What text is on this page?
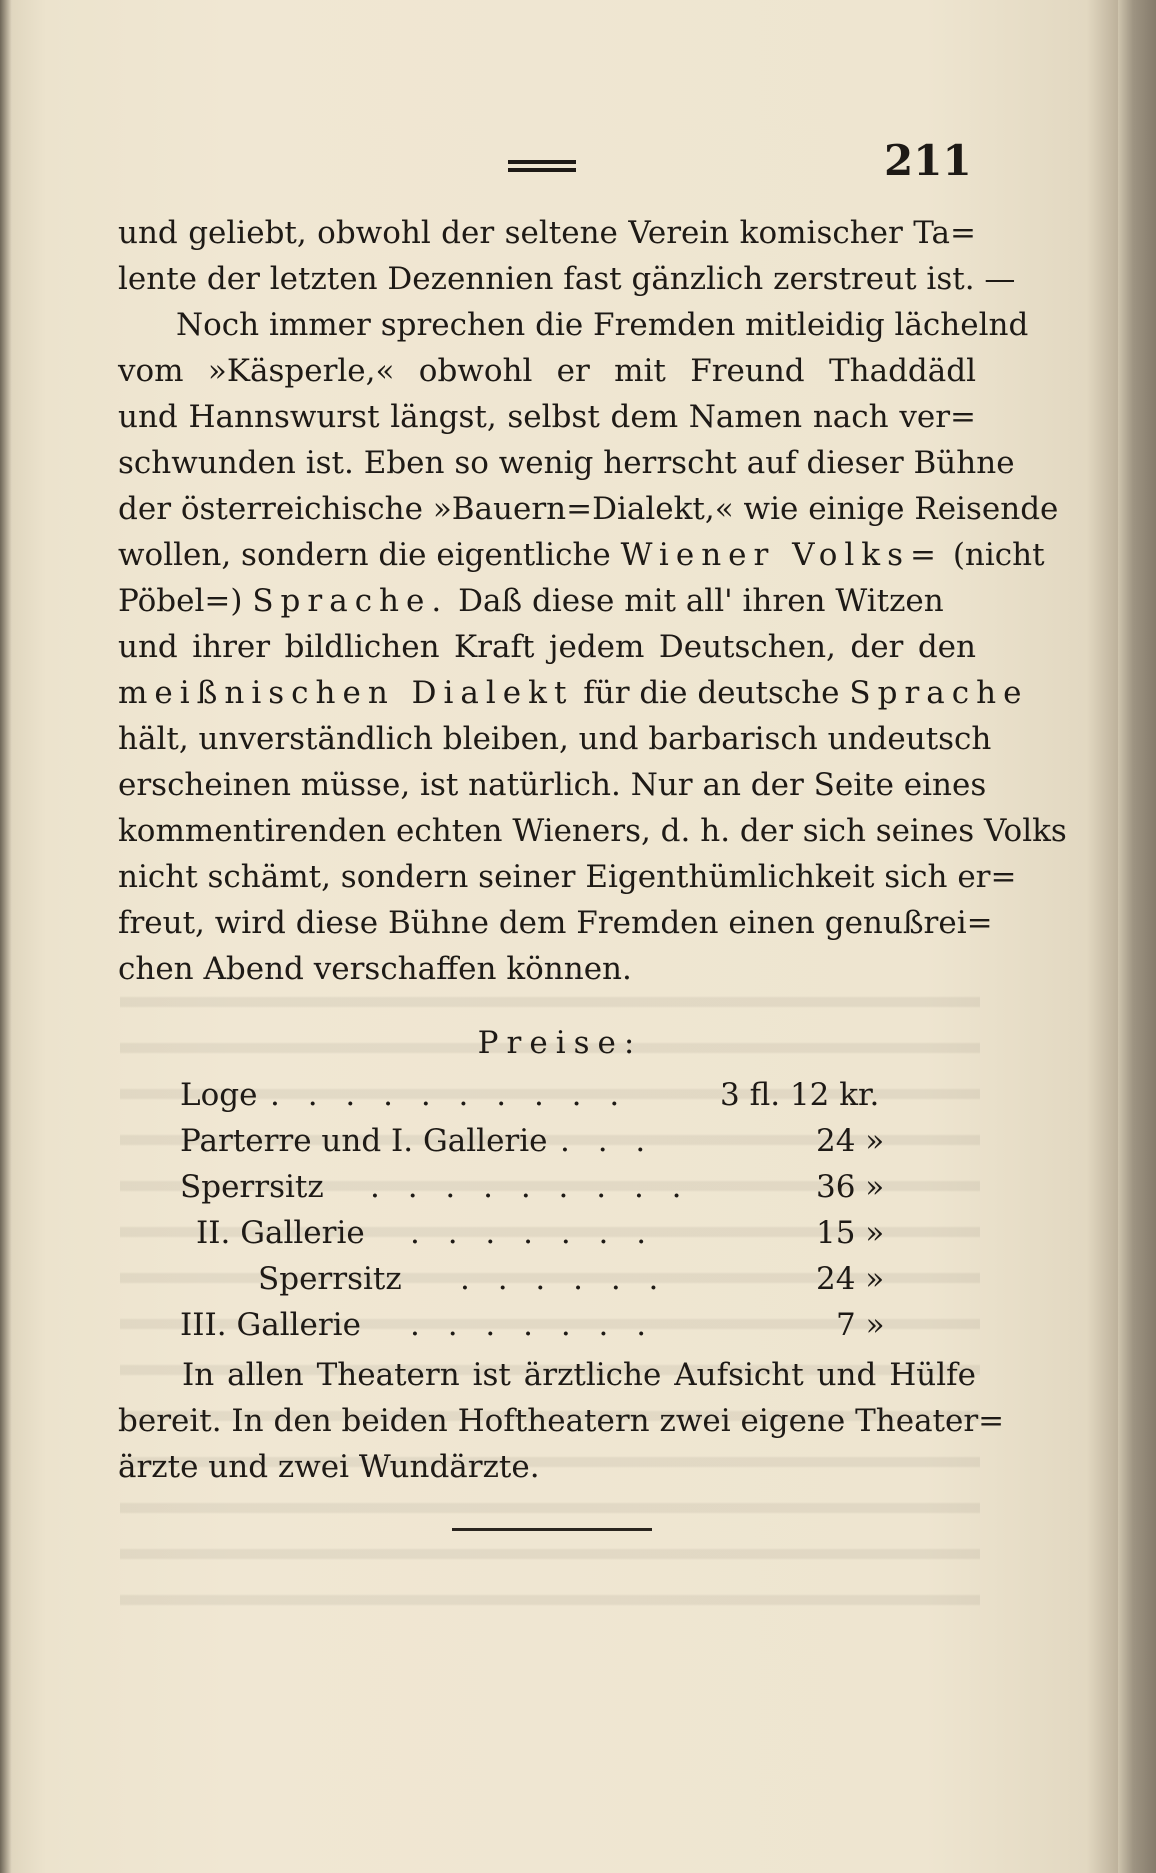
211
und geliebt, obwohl der seltene Verein komischer Ta=
lente der letzten Dezennien fast gänzlich zerstreut ist. —
Noch immer sprechen die Fremden mitleidig lächelnd
vom »Käsperle,« obwohl er mit Freund Thaddädl
und Hannswurst längst, selbst dem Namen nach ver=
schwunden ist. Eben so wenig herrscht auf dieser Bühne
der österreichische »Bauern=Dialekt,« wie einige Reisende
wollen, sondern die eigentliche Wiener Volks= (nicht
Pöbel=) Sprache. Daß diese mit all' ihren Witzen
und ihrer bildlichen Kraft jedem Deutschen, der den
meißnischen Dialekt für die deutsche Sprache
hält, unverständlich bleiben, und barbarisch undeutsch
erscheinen müsse, ist natürlich. Nur an der Seite eines
kommentirenden echten Wieners, d. h. der sich seines Volks
nicht schämt, sondern seiner Eigenthümlichkeit sich er=
freut, wird diese Bühne dem Fremden einen genußrei=
chen Abend verschaffen können.
Preise:
Loge . . . . . . . . . .	3 fl. 12 kr.
Parterre und I. Gallerie . . .	24 »
Sperrsitz . . . . . . . . .	36 »
II. Gallerie . . . . . . .	15 »
Sperrsitz . . . . . .	24 »
III. Gallerie . . . . . . .	7 »
In allen Theatern ist ärztliche Aufsicht und Hülfe
bereit. In den beiden Hoftheatern zwei eigene Theater=
ärzte und zwei Wundärzte.
